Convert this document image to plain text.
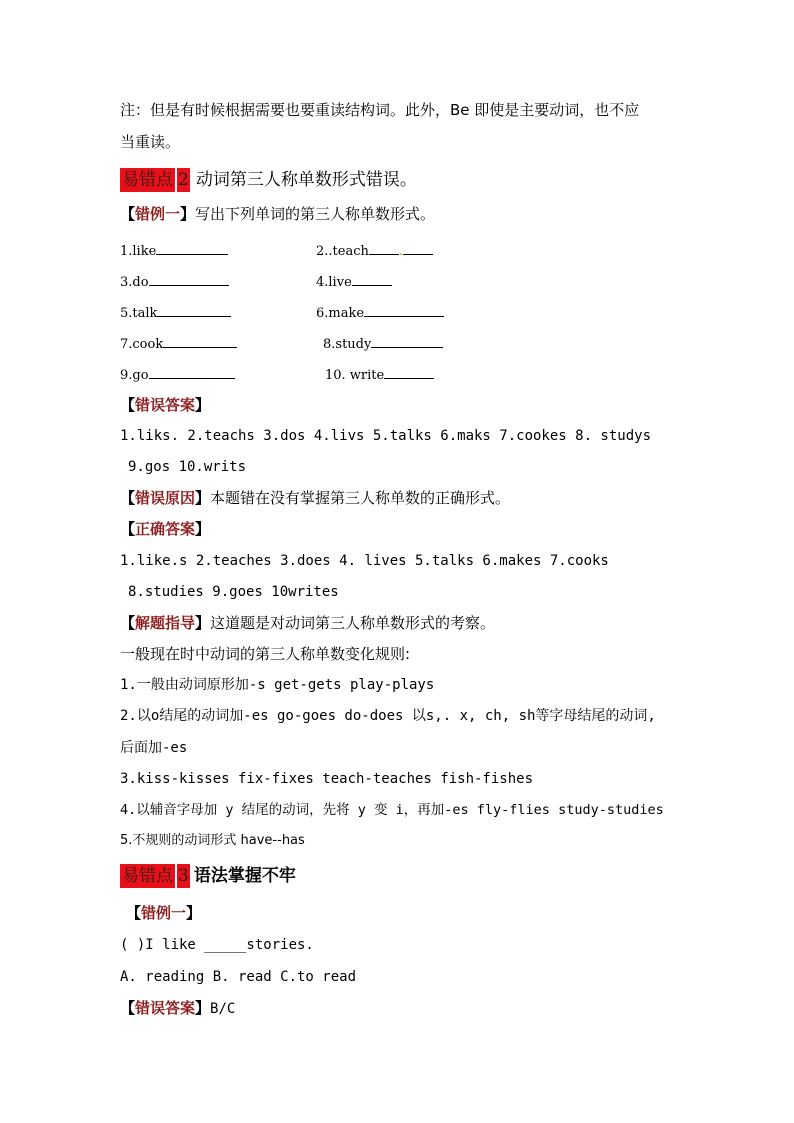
注：但是有时候根据需要也要重读结构词。此外，Be 即使是主要动词，也不应
当重读。
易错点 2 动词第三人称单数形式错误。
【错例一】写出下列单词的第三人称单数形式。
1.like	2..teach .
3.do	4.live
5.talk	6.make
7.cook	8.study
9.go	10. write
【错误答案】
1.liks. 2.teachs 3.dos 4.livs 5.talks 6.maks 7.cookes 8. studys
9.gos 10.writs
【错误原因】本题错在没有掌握第三人称单数的正确形式。
【正确答案】
1.like.s 2.teaches 3.does 4. lives 5.talks 6.makes 7.cooks
8.studies 9.goes 10writes
【解题指导】这道题是对动词第三人称单数形式的考察。
一般现在时中动词的第三人称单数变化规则:
1.一般由动词原形加-s get-gets play-plays
2.以o结尾的动词加-es go-goes do-does 以s,. x, ch, sh等字母结尾的动词,
后面加-es
3.kiss-kisses fix-fixes teach-teaches fish-fishes
4.以辅音字母加 y 结尾的动词，先将 y 变 i，再加-es fly-flies study-studies
5.不规则的动词形式 have--has
易错点 3 语法掌握不牢
【错例一】
( )I like _____stories.
A. reading B. read C.to read
【错误答案】B/C
